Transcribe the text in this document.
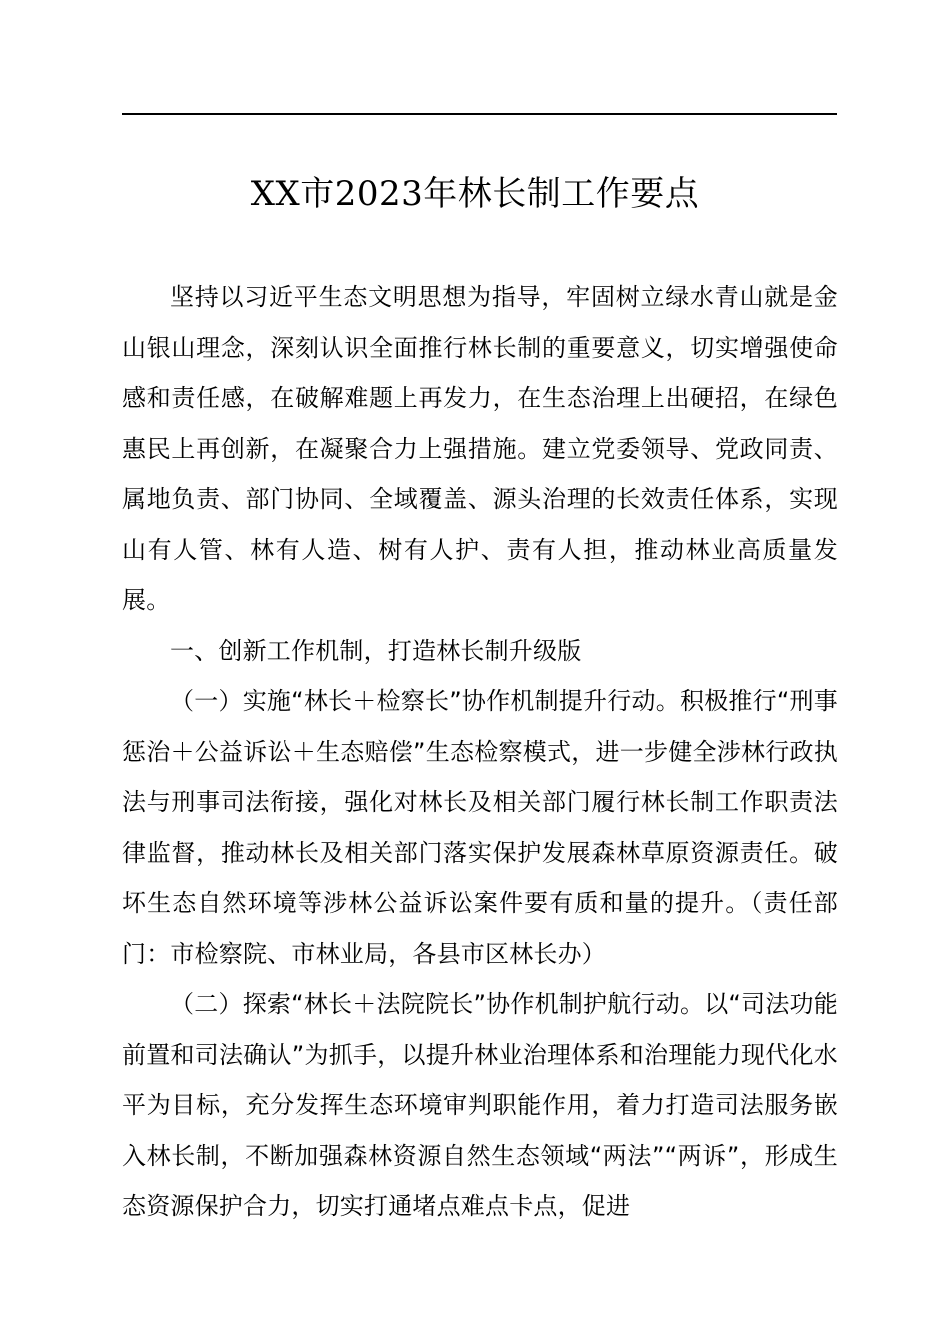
XX市2023年林长制工作要点

坚持以习近平生态文明思想为指导，牢固树立绿水青山就是金山银山理念，深刻认识全面推行林长制的重要意义，切实增强使命感和责任感，在破解难题上再发力，在生态治理上出硬招，在绿色惠民上再创新，在凝聚合力上强措施。建立党委领导、党政同责、属地负责、部门协同、全域覆盖、源头治理的长效责任体系，实现山有人管、林有人造、树有人护、责有人担，推动林业高质量发展。

一、创新工作机制，打造林长制升级版

（一）实施“林长＋检察长”协作机制提升行动。积极推行“刑事惩治＋公益诉讼＋生态赔偿”生态检察模式，进一步健全涉林行政执法与刑事司法衔接，强化对林长及相关部门履行林长制工作职责法律监督，推动林长及相关部门落实保护发展森林草原资源责任。破坏生态自然环境等涉林公益诉讼案件要有质和量的提升。（责任部门：市检察院、市林业局，各县市区林长办）

（二）探索“林长＋法院院长”协作机制护航行动。以“司法功能前置和司法确认”为抓手，以提升林业治理体系和治理能力现代化水平为目标，充分发挥生态环境审判职能作用，着力打造司法服务嵌入林长制，不断加强森林资源自然生态领域“两法”“两诉”，形成生态资源保护合力，切实打通堵点难点卡点，促进
